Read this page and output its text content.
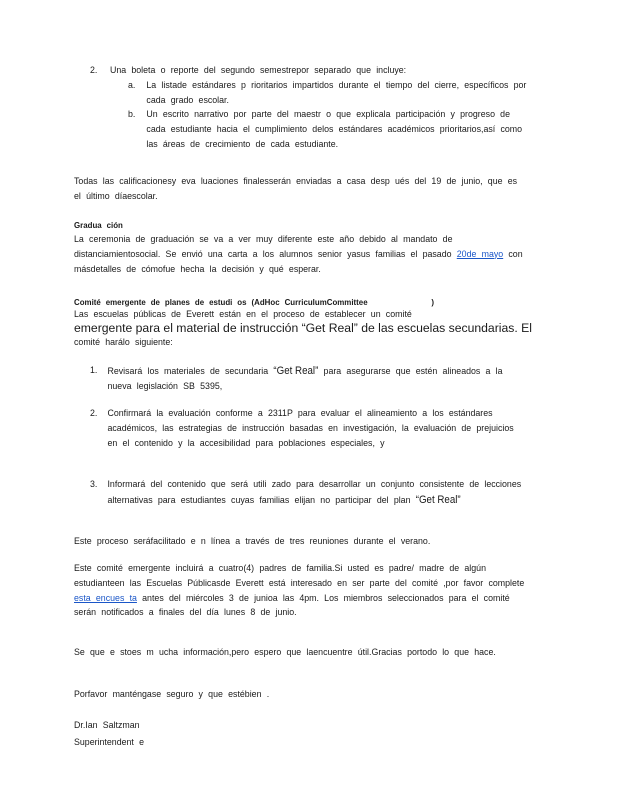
2. Una boleta o reporte del segundo semestrepor separado que incluye:
a. La listade estándares p rioritarios impartidos durante el tiempo del cierre, específicos por cada grado escolar.

b. Un escrito narrativo por parte del maestr o que explicala participación y progreso de cada estudiante hacia el cumplimiento delos estándares académicos prioritarios,así como las áreas de crecimiento de cada estudiante.

Todas las calificacionesy eva luaciones finalesserán enviadas a casa desp ués del 19 de junio, que es el último díaescolar.

Gradua ción
La ceremonia de graduación se va a ver muy diferente este año debido al mandato de distanciamientosocial. Se envió una carta a los alumnos senior yasus familias el pasado 20de mayo con másdetalles de cómofue hecha la decisión y qué esperar.
Comité emergente de planes de estudi os (AdHoc CurriculumCommittee	)
Las escuelas públicas de Everett están en el proceso de establecer un comité
emergente para el material de instrucción “Get Real” de las escuelas secundarias. El
comité harálo siguiente:
1. Revisará los materiales de secundaria “Get Real” para asegurarse que estén alineados a la nueva legislación SB 5395,

2. Confirmará la evaluación conforme a 2311P para evaluar el alineamiento a los estándares académicos, las estrategias de instrucción basadas en investigación, la evaluación de prejuicios en el contenido y la accesibilidad para poblaciones especiales, y

3. Informará del contenido que será utili zado para desarrollar un conjunto consistente de lecciones alternativas para estudiantes cuyas familias elijan no participar del plan “Get Real”

Este proceso seráfacilitado e n línea a través de tres reuniones durante el verano.
Este comité emergente incluirá a cuatro(4) padres de familia.Si usted es padre/ madre de algún estudianteen las Escuelas Públicasde Everett está interesado en ser parte del comité ,por favor complete esta encues ta antes del miércoles 3 de junioa las 4pm. Los miembros seleccionados para el comité serán notificados a finales del día lunes 8 de junio.

Se que e stoes m ucha información,pero espero que laencuentre útil.Gracias portodo lo que hace.

Porfavor manténgase seguro y que estébien .
Dr.Ian Saltzman
Superintendent e
